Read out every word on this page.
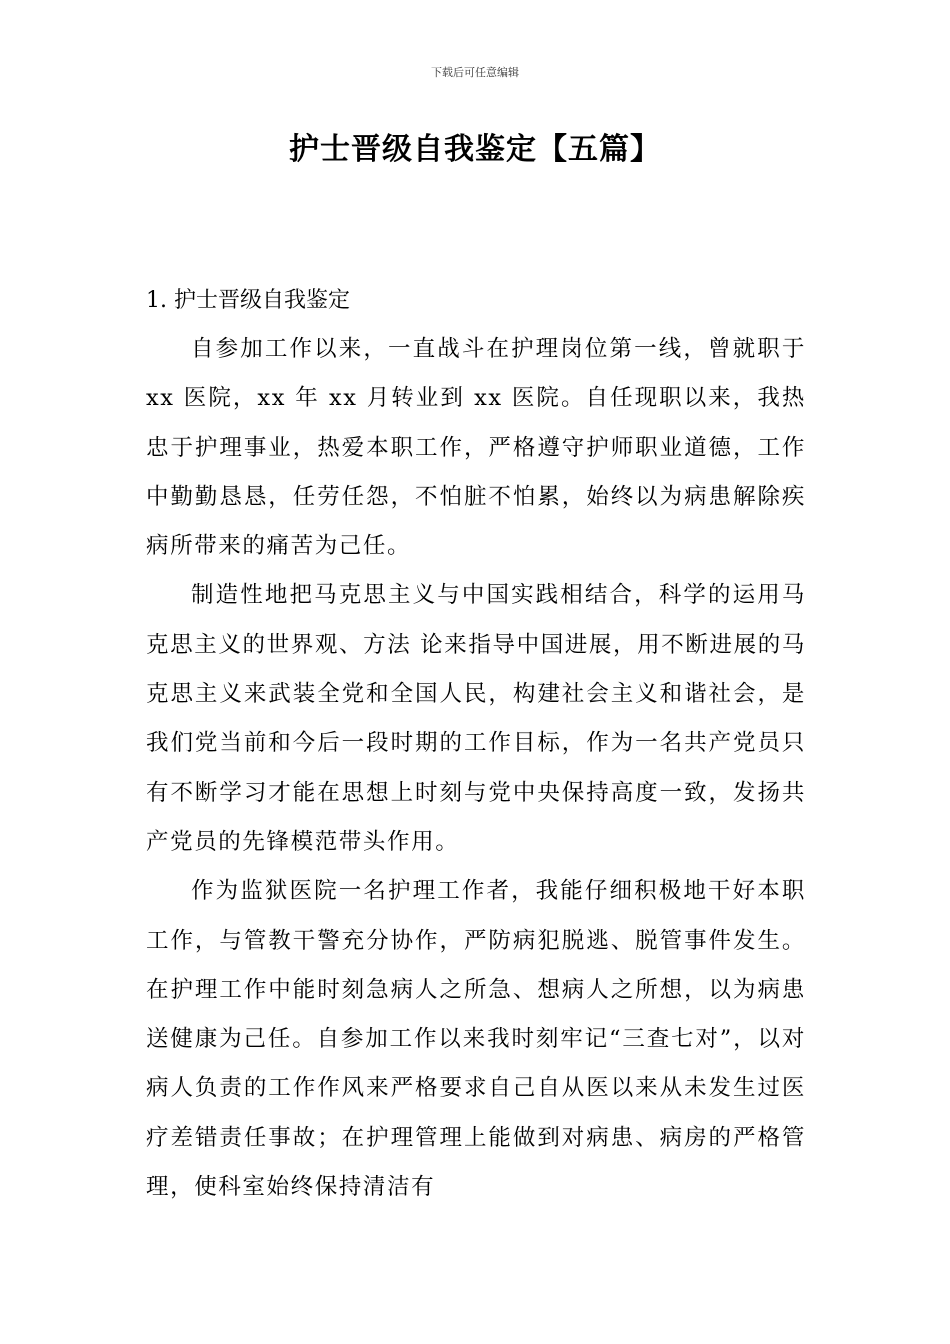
下载后可任意编辑
护士晋级自我鉴定【五篇】
1. 护士晋级自我鉴定

自参加工作以来，一直战斗在护理岗位第一线，曾就职于 xx 医院，xx 年 xx 月转业到 xx 医院。自任现职以来，我热忠于护理事业，热爱本职工作，严格遵守护师职业道德，工作中勤勤恳恳，任劳任怨，不怕脏不怕累，始终以为病患解除疾病所带来的痛苦为己任。

制造性地把马克思主义与中国实践相结合，科学的运用马克思主义的世界观、方法 论来指导中国进展，用不断进展的马克思主义来武装全党和全国人民，构建社会主义和谐社会，是我们党当前和今后一段时期的工作目标，作为一名共产党员只有不断学习才能在思想上时刻与党中央保持高度一致，发扬共产党员的先锋模范带头作用。

作为监狱医院一名护理工作者，我能仔细积极地干好本职工作，与管教干警充分协作，严防病犯脱逃、脱管事件发生。在护理工作中能时刻急病人之所急、想病人之所想，以为病患送健康为己任。自参加工作以来我时刻牢记“三查七对”，以对病人负责的工作作风来严格要求自己自从医以来从未发生过医疗差错责任事故；在护理管理上能做到对病患、病房的严格管理，使科室始终保持清洁有
